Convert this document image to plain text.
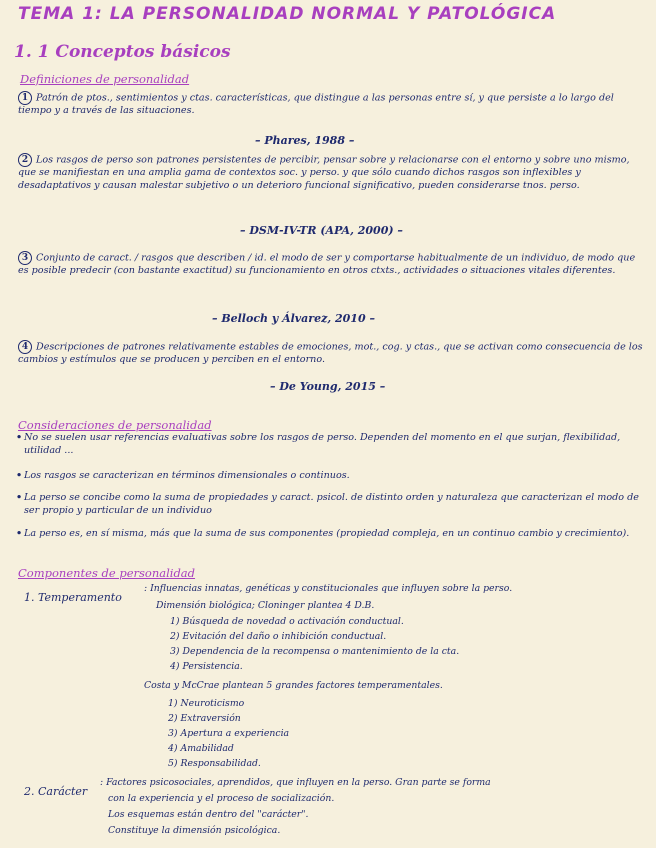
TEMA 1: LA PERSONALIDAD NORMAL Y PATOLÓGICA
1. 1 Conceptos básicos
Definiciones de personalidad
1 Patrón de ptos., sentimientos y ctas. características, que distingue a las personas entre sí, y que persiste a lo largo del tiempo y a través de las situaciones.
– Phares, 1988 –
2 Los rasgos de perso son patrones persistentes de percibir, pensar sobre y relacionarse con el entorno y sobre uno mismo, que se manifiestan en una amplia gama de contextos soc. y perso. y que sólo cuando dichos rasgos son inflexibles y desadaptativos y causan malestar subjetivo o un deterioro funcional significativo, pueden considerarse tnos. perso.
– DSM-IV-TR (APA, 2000) –
3 Conjunto de caract. / rasgos que describen / id. el modo de ser y comportarse habitualmente de un individuo, de modo que es posible predecir (con bastante exactitud) su funcionamiento en otros ctxts., actividades o situaciones vitales diferentes.
– Belloch y Álvarez, 2010 –
4 Descripciones de patrones relativamente estables de emociones, mot., cog. y ctas., que se activan como consecuencia de los cambios y estímulos que se producen y perciben en el entorno.
– De Young, 2015 –
Consideraciones de personalidad
• No se suelen usar referencias evaluativas sobre los rasgos de perso. Dependen del momento en el que surjan, flexibilidad, utilidad ...
• Los rasgos se caracterizan en términos dimensionales o continuos.
• La perso se concibe como la suma de propiedades y caract. psicol. de distinto orden y naturaleza que caracterizan el modo de ser propio y particular de un individuo
• La perso es, en sí misma, más que la suma de sus componentes (propiedad compleja, en un continuo cambio y crecimiento).
Componentes de personalidad
1. Temperamento
: Influencias innatas, genéticas y constitucionales que influyen sobre la perso.
Dimensión biológica; Cloninger plantea 4 D.B.
1) Búsqueda de novedad o activación conductual.
2) Evitación del daño o inhibición conductual.
3) Dependencia de la recompensa o mantenimiento de la cta.
4) Persistencia.
Costa y McCrae plantean 5 grandes factores temperamentales.
1) Neuroticismo
2) Extraversión
3) Apertura a experiencia
4) Amabilidad
5) Responsabilidad.
2. Carácter
: Factores psicosociales, aprendidos, que influyen en la perso. Gran parte se forma
con la experiencia y el proceso de socialización.
Los esquemas están dentro del "carácter".
Constituye la dimensión psicológica.
